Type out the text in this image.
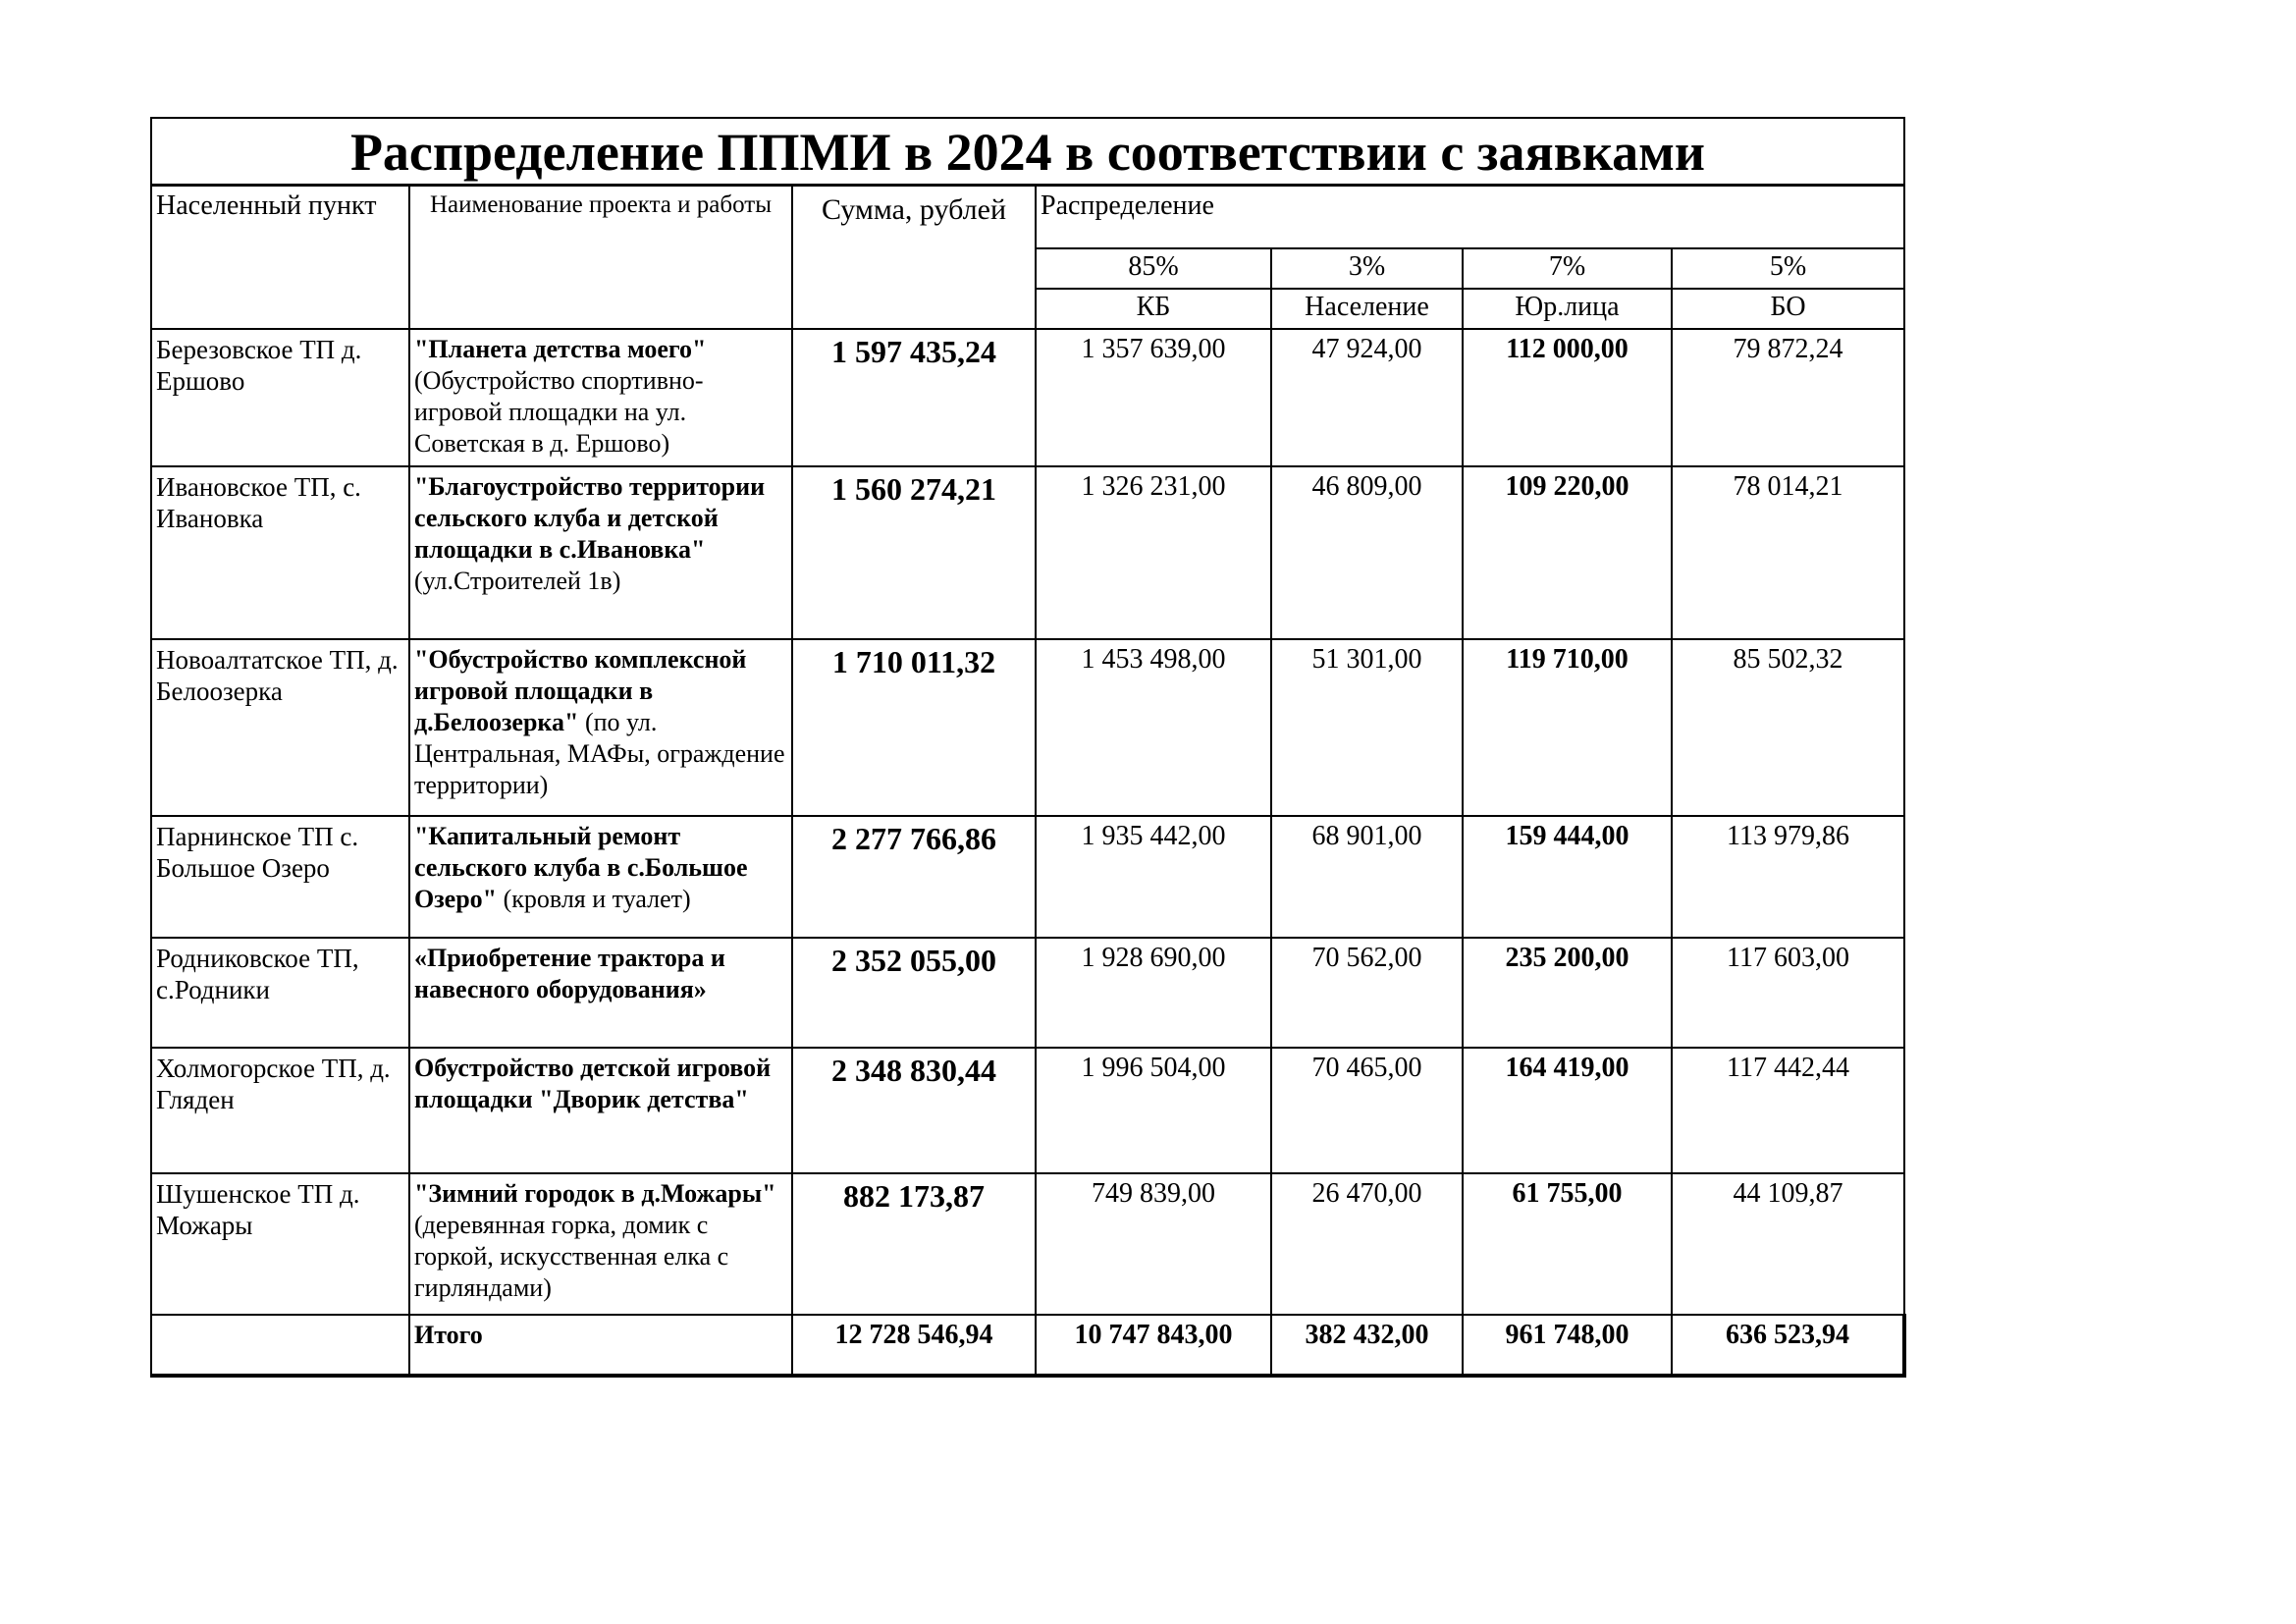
Распределение ППМИ в 2024 в соответствии с заявками						
Населенный пункт	Наименование проекта и работы	Сумма, рублей	Распределение			
			85%	3%	7%	5%
			КБ	Население	Юр.лица	БО
Березовское ТП д. Ершово	"Планета детства моего" (Обустройство спортивно-игровой площадки на ул. Советская в д. Ершово)	1 597 435,24	1 357 639,00	47 924,00	112 000,00	79 872,24
Ивановское ТП, с. Ивановка	"Благоустройство территории сельского клуба и детской площадки в с.Ивановка" (ул.Строителей 1в)	1 560 274,21	1 326 231,00	46 809,00	109 220,00	78 014,21
Новоалтатское ТП, д. Белоозерка	"Обустройство комплексной игровой площадки в д.Белоозерка" (по ул. Центральная, МАФы, ограждение территории)	1 710 011,32	1 453 498,00	51 301,00	119 710,00	85 502,32
Парнинское ТП с. Большое Озеро	"Капитальный ремонт сельского клуба в с.Большое Озеро" (кровля и туалет)	2 277 766,86	1 935 442,00	68 901,00	159 444,00	113 979,86
Родниковское ТП, с.Родники	«Приобретение трактора и навесного оборудования»	2 352 055,00	1 928 690,00	70 562,00	235 200,00	117 603,00
Холмогорское ТП, д. Гляден	Обустройство детской игровой площадки "Дворик детства"	2 348 830,44	1 996 504,00	70 465,00	164 419,00	117 442,44
Шушенское ТП д. Можары	"Зимний городок в д.Можары" (деревянная горка, домик с горкой, искусственная елка с гирляндами)	882 173,87	749 839,00	26 470,00	61 755,00	44 109,87
	Итого	12 728 546,94	10 747 843,00	382 432,00	961 748,00	636 523,94
